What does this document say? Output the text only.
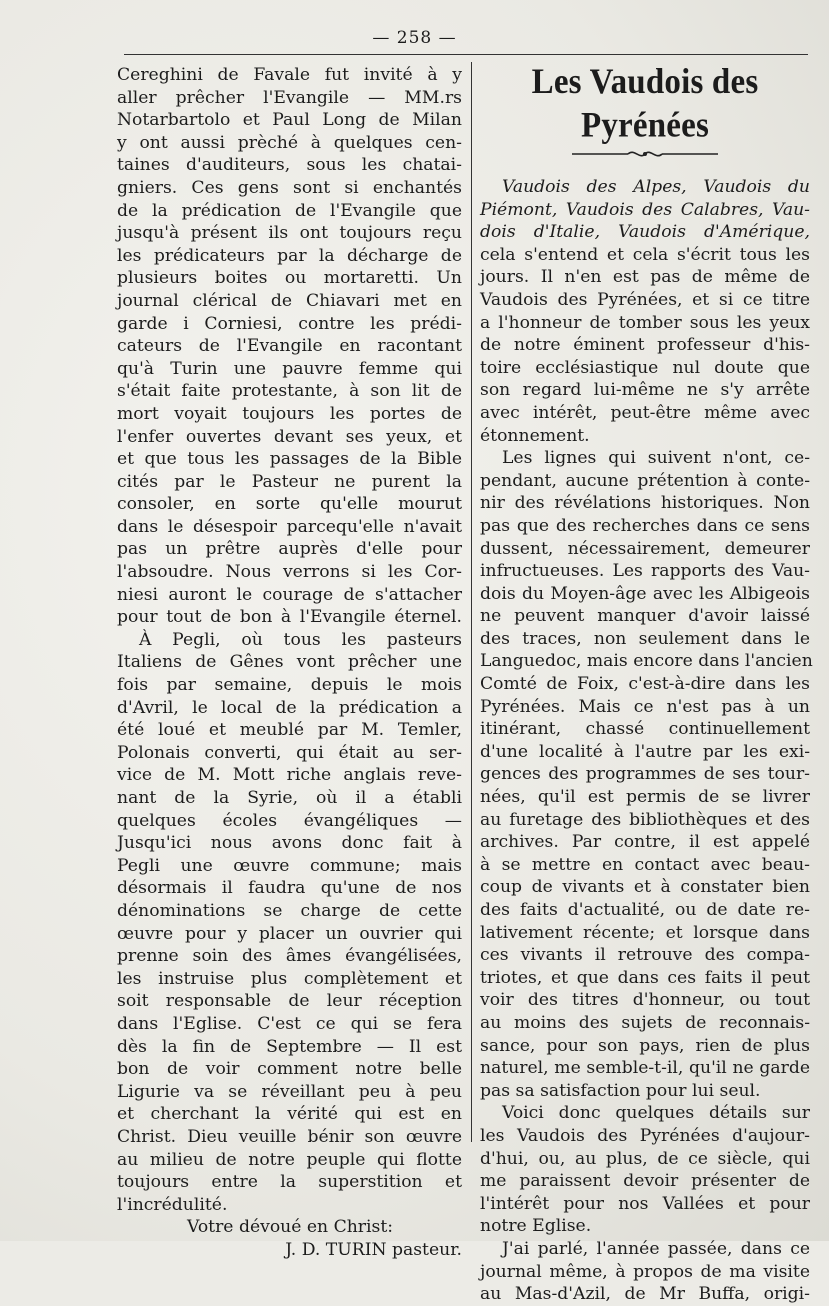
— 258 —
Cereghini de Favale fut invité à y
aller prêcher l'Evangile — MM.rs
Notarbartolo et Paul Long de Milan
y ont aussi prèché à quelques cen-
taines d'auditeurs, sous les chatai-
gniers. Ces gens sont si enchantés
de la prédication de l'Evangile que
jusqu'à présent ils ont toujours reçu
les prédicateurs par la décharge de
plusieurs boites ou mortaretti. Un
journal clérical de Chiavari met en
garde i Corniesi, contre les prédi-
cateurs de l'Evangile en racontant
qu'à Turin une pauvre femme qui
s'était faite protestante, à son lit de
mort voyait toujours les portes de
l'enfer ouvertes devant ses yeux, et
et que tous les passages de la Bible
cités par le Pasteur ne purent la
consoler, en sorte qu'elle mourut
dans le désespoir parcequ'elle n'avait
pas un prêtre auprès d'elle pour
l'absoudre. Nous verrons si les Cor-
niesi auront le courage de s'attacher
pour tout de bon à l'Evangile éternel.
À Pegli, où tous les pasteurs
Italiens de Gênes vont prêcher une
fois par semaine, depuis le mois
d'Avril, le local de la prédication a
été loué et meublé par M. Temler,
Polonais converti, qui était au ser-
vice de M. Mott riche anglais reve-
nant de la Syrie, où il a établi
quelques écoles évangéliques —
Jusqu'ici nous avons donc fait à
Pegli une œuvre commune; mais
désormais il faudra qu'une de nos
dénominations se charge de cette
œuvre pour y placer un ouvrier qui
prenne soin des âmes évangélisées,
les instruise plus complètement et
soit responsable de leur réception
dans l'Eglise. C'est ce qui se fera
dès la fin de Septembre — Il est
bon de voir comment notre belle
Ligurie va se réveillant peu à peu
et cherchant la vérité qui est en
Christ. Dieu veuille bénir son œuvre
au milieu de notre peuple qui flotte
toujours entre la superstition et
l'incrédulité.
Votre dévoué en Christ:
J. D. TURIN pasteur.
Les Vaudois des Pyrénées
Vaudois des Alpes, Vaudois du
Piémont, Vaudois des Calabres, Vau-
dois d'Italie, Vaudois d'Amérique,
cela s'entend et cela s'écrit tous les
jours. Il n'en est pas de même de
Vaudois des Pyrénées, et si ce titre
a l'honneur de tomber sous les yeux
de notre éminent professeur d'his-
toire ecclésiastique nul doute que
son regard lui-même ne s'y arrête
avec intérêt, peut-être même avec
étonnement.
Les lignes qui suivent n'ont, ce-
pendant, aucune prétention à conte-
nir des révélations historiques. Non
pas que des recherches dans ce sens
dussent, nécessairement, demeurer
infructueuses. Les rapports des Vau-
dois du Moyen-âge avec les Albigeois
ne peuvent manquer d'avoir laissé
des traces, non seulement dans le
Languedoc, mais encore dans l'ancien
Comté de Foix, c'est-à-dire dans les
Pyrénées. Mais ce n'est pas à un
itinérant, chassé continuellement
d'une localité à l'autre par les exi-
gences des programmes de ses tour-
nées, qu'il est permis de se livrer
au furetage des bibliothèques et des
archives. Par contre, il est appelé
à se mettre en contact avec beau-
coup de vivants et à constater bien
des faits d'actualité, ou de date re-
lativement récente; et lorsque dans
ces vivants il retrouve des compa-
triotes, et que dans ces faits il peut
voir des titres d'honneur, ou tout
au moins des sujets de reconnais-
sance, pour son pays, rien de plus
naturel, me semble-t-il, qu'il ne garde
pas sa satisfaction pour lui seul.
Voici donc quelques détails sur
les Vaudois des Pyrénées d'aujour-
d'hui, ou, au plus, de ce siècle, qui
me paraissent devoir présenter de
l'intérêt pour nos Vallées et pour
notre Eglise.
J'ai parlé, l'année passée, dans ce
journal même, à propos de ma visite
au Mas-d'Azil, de Mr Buffa, origi-
